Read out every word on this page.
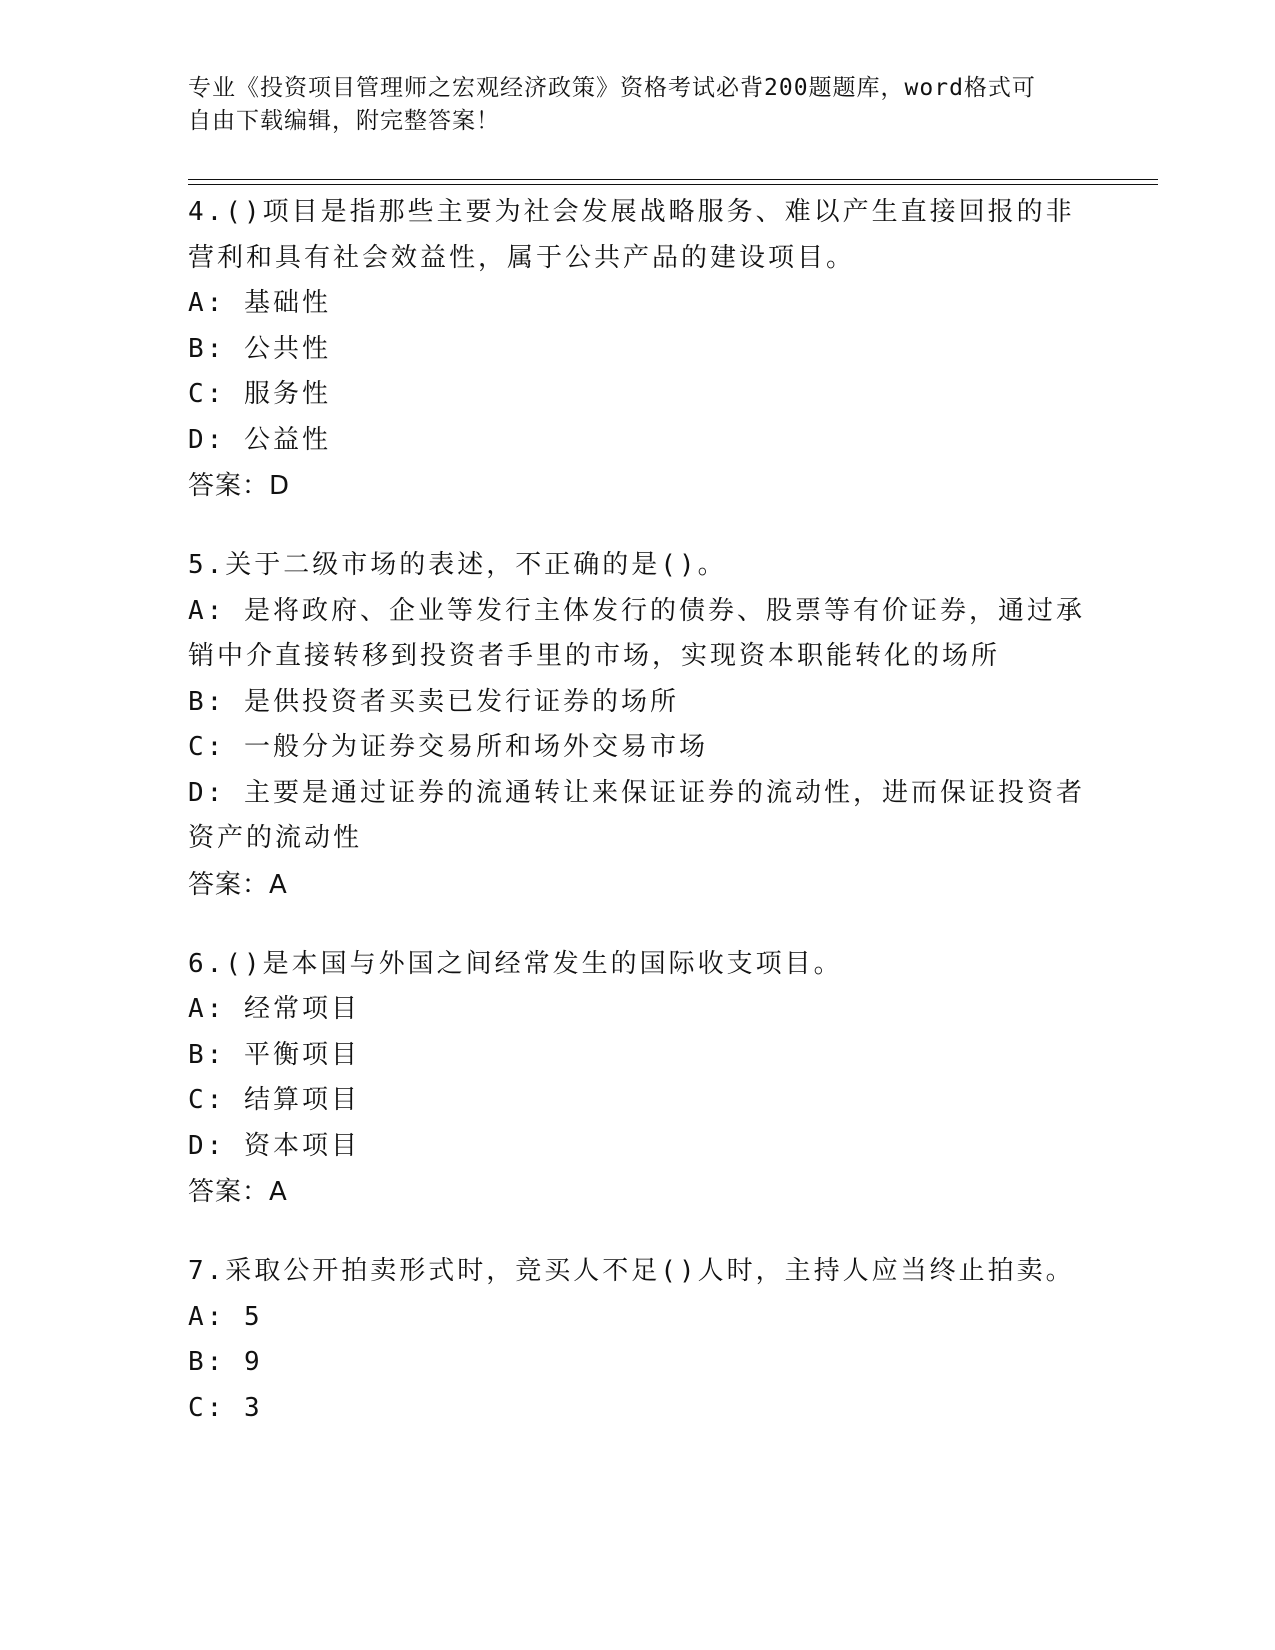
专业《投资项目管理师之宏观经济政策》资格考试必背200题题库，word格式可
自由下载编辑，附完整答案！
4.()项目是指那些主要为社会发展战略服务、难以产生直接回报的非
营利和具有社会效益性，属于公共产品的建设项目。
A: 基础性
B: 公共性
C: 服务性
D: 公益性
答案：D
5.关于二级市场的表述，不正确的是()。
A: 是将政府、企业等发行主体发行的债券、股票等有价证券，通过承
销中介直接转移到投资者手里的市场，实现资本职能转化的场所
B: 是供投资者买卖已发行证券的场所
C: 一般分为证券交易所和场外交易市场
D: 主要是通过证券的流通转让来保证证券的流动性，进而保证投资者
资产的流动性
答案：A
6.()是本国与外国之间经常发生的国际收支项目。
A: 经常项目
B: 平衡项目
C: 结算项目
D: 资本项目
答案：A
7.采取公开拍卖形式时，竞买人不足()人时，主持人应当终止拍卖。
A: 5
B: 9
C: 3
